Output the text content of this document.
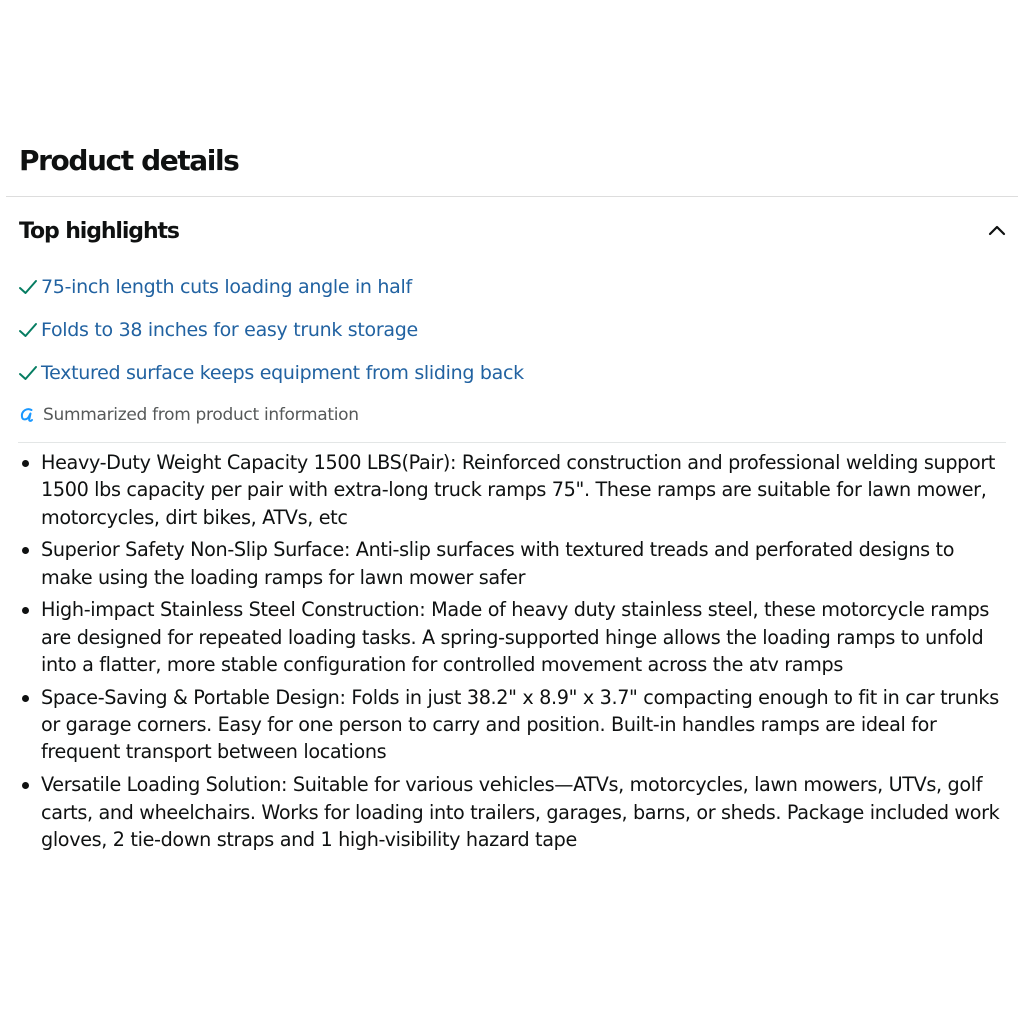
Product details
Top highlights
75-inch length cuts loading angle in half
Folds to 38 inches for easy trunk storage
Textured surface keeps equipment from sliding back
Summarized from product information
Heavy-Duty Weight Capacity 1500 LBS(Pair): Reinforced construction and professional welding support 1500 lbs capacity per pair with extra-long truck ramps 75". These ramps are suitable for lawn mower, motorcycles, dirt bikes, ATVs, etc
Superior Safety Non-Slip Surface: Anti-slip surfaces with textured treads and perforated designs to make using the loading ramps for lawn mower safer
High-impact Stainless Steel Construction: Made of heavy duty stainless steel, these motorcycle ramps are designed for repeated loading tasks. A spring-supported hinge allows the loading ramps to unfold into a flatter, more stable configuration for controlled movement across the atv ramps
Space-Saving & Portable Design: Folds in just 38.2" x 8.9" x 3.7" compacting enough to fit in car trunks or garage corners. Easy for one person to carry and position. Built-in handles ramps are ideal for frequent transport between locations
Versatile Loading Solution: Suitable for various vehicles—ATVs, motorcycles, lawn mowers, UTVs, golf carts, and wheelchairs. Works for loading into trailers, garages, barns, or sheds. Package included work gloves, 2 tie-down straps and 1 high-visibility hazard tape
